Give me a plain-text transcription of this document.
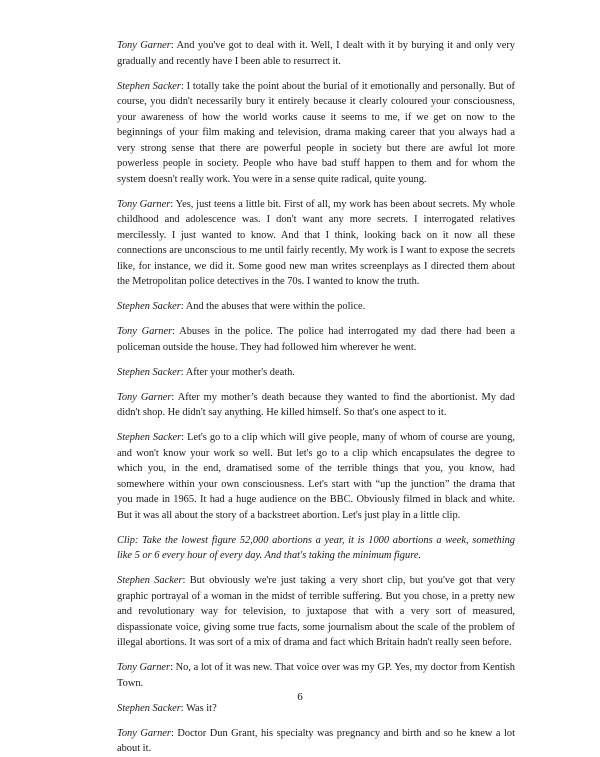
Tony Garner: And you've got to deal with it. Well, I dealt with it by burying it and only very gradually and recently have I been able to resurrect it.

Stephen Sacker: I totally take the point about the burial of it emotionally and personally. But of course, you didn't necessarily bury it entirely because it clearly coloured your consciousness, your awareness of how the world works cause it seems to me, if we get on now to the beginnings of your film making and television, drama making career that you always had a very strong sense that there are powerful people in society but there are awful lot more powerless people in society. People who have bad stuff happen to them and for whom the system doesn't really work. You were in a sense quite radical, quite young.

Tony Garner: Yes, just teens a little bit. First of all, my work has been about secrets. My whole childhood and adolescence was. I don't want any more secrets. I interrogated relatives mercilessly. I just wanted to know. And that I think, looking back on it now all these connections are unconscious to me until fairly recently. My work is I want to expose the secrets like, for instance, we did it. Some good new man writes screenplays as I directed them about the Metropolitan police detectives in the 70s. I wanted to know the truth.

Stephen Sacker: And the abuses that were within the police.

Tony Garner: Abuses in the police. The police had interrogated my dad there had been a policeman outside the house. They had followed him wherever he went.

Stephen Sacker: After your mother's death.

Tony Garner: After my mother’s death because they wanted to find the abortionist. My dad didn't shop. He didn't say anything. He killed himself. So that's one aspect to it.

Stephen Sacker: Let's go to a clip which will give people, many of whom of course are young, and won't know your work so well. But let's go to a clip which encapsulates the degree to which you, in the end, dramatised some of the terrible things that you, you know, had somewhere within your own consciousness. Let's start with “up the junction” the drama that you made in 1965. It had a huge audience on the BBC. Obviously filmed in black and white. But it was all about the story of a backstreet abortion. Let's just play in a little clip.

Clip: Take the lowest figure 52,000 abortions a year, it is 1000 abortions a week, something like 5 or 6 every hour of every day. And that's taking the minimum figure.

Stephen Sacker: But obviously we're just taking a very short clip, but you've got that very graphic portrayal of a woman in the midst of terrible suffering. But you chose, in a pretty new and revolutionary way for television, to juxtapose that with a very sort of measured, dispassionate voice, giving some true facts, some journalism about the scale of the problem of illegal abortions. It was sort of a mix of drama and fact which Britain hadn't really seen before.

Tony Garner: No, a lot of it was new. That voice over was my GP. Yes, my doctor from Kentish Town.

Stephen Sacker: Was it?

Tony Garner: Doctor Dun Grant, his specialty was pregnancy and birth and so he knew a lot about it.

6
